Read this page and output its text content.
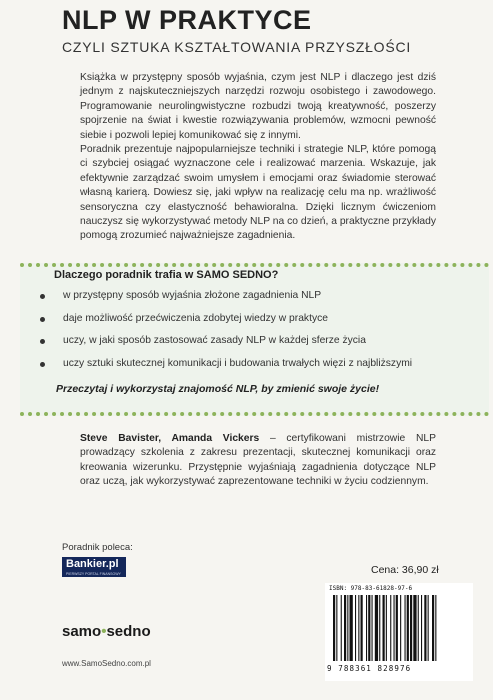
NLP W PRAKTYCE
CZYLI SZTUKA KSZTAŁTOWANIA PRZYSZŁOŚCI

Książka w przystępny sposób wyjaśnia, czym jest NLP i dlaczego jest dziś jednym z najskuteczniejszych narzędzi rozwoju osobistego i zawodowego. Programowanie neurolingwistyczne rozbudzi twoją kreatywność, poszerzy spojrzenie na świat i kwestie rozwiązywania problemów, wzmocni pewność siebie i pozwoli lepiej komunikować się z innymi.

Poradnik prezentuje najpopularniejsze techniki i strategie NLP, które pomogą ci szybciej osiągać wyznaczone cele i realizować marzenia. Wskazuje, jak efektywnie zarządzać swoim umysłem i emocjami oraz świadomie sterować własną karierą. Dowiesz się, jaki wpływ na realizację celu ma np. wrażliwość sensoryczna czy elastyczność behawioralna. Dzięki licznym ćwiczeniom nauczysz się wykorzystywać metody NLP na co dzień, a praktyczne przykłady pomogą zrozumieć najważniejsze zagadnienia.

Dlaczego poradnik trafia w SAMO SEDNO?
w przystępny sposób wyjaśnia złożone zagadnienia NLP
daje możliwość przećwiczenia zdobytej wiedzy w praktyce
uczy, w jaki sposób zastosować zasady NLP w każdej sferze życia
uczy sztuki skutecznej komunikacji i budowania trwałych więzi z najbliższymi
Przeczytaj i wykorzystaj znajomość NLP, by zmienić swoje życie!

Steve Bavister, Amanda Vickers – certyfikowani mistrzowie NLP prowadzący szkolenia z zakresu prezentacji, skutecznej komunikacji oraz kreowania wizerunku. Przystępnie wyjaśniają zagadnienia dotyczące NLP oraz uczą, jak wykorzystywać zaprezentowane techniki w życiu codziennym.

Poradnik poleca:
Bankier.pl
PIERWSZY PORTAL FINANSOWY	Cena: 36,90 zł
ISBN: 978-83-61828-97-6
9 788361 828976
samo•sedno
www.SamoSedno.com.pl
